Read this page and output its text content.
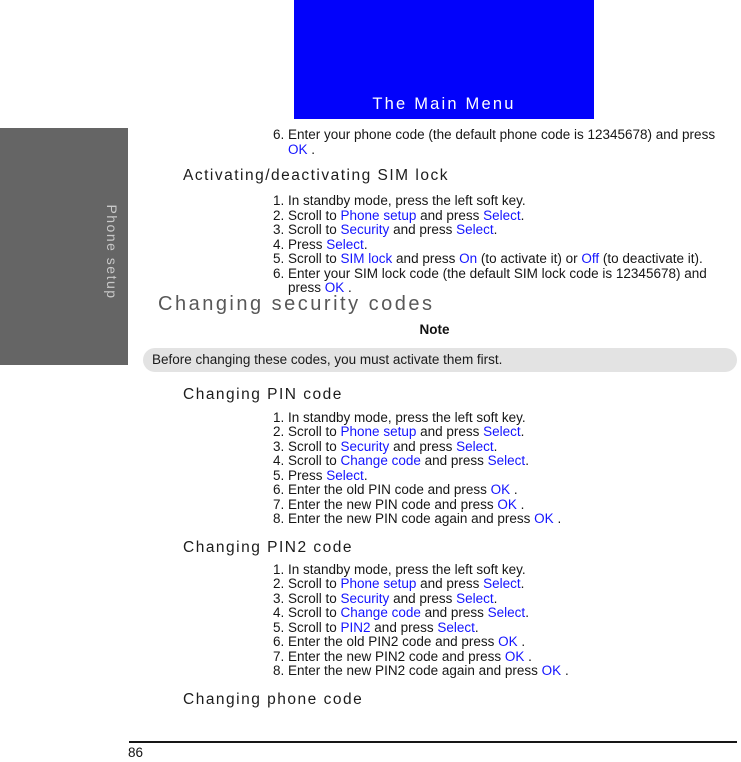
The Main Menu
Phone setup
6. Enter your phone code (the default phone code is 12345678) and press OK .
Activating/deactivating SIM lock
1. In standby mode, press the left soft key.
2. Scroll to Phone setup and press Select.
3. Scroll to Security and press Select.
4. Press Select.
5. Scroll to SIM lock and press On (to activate it) or Off (to deactivate it).
6. Enter your SIM lock code (the default SIM lock code is 12345678) and press OK .
Changing security codes
Note
Before changing these codes, you must activate them first.
Changing PIN code
1. In standby mode, press the left soft key.
2. Scroll to Phone setup and press Select.
3. Scroll to Security and press Select.
4. Scroll to Change code and press Select.
5. Press Select.
6. Enter the old PIN code and press OK .
7. Enter the new PIN code and press OK .
8. Enter the new PIN code again and press OK .
Changing PIN2 code
1. In standby mode, press the left soft key.
2. Scroll to Phone setup and press Select.
3. Scroll to Security and press Select.
4. Scroll to Change code and press Select.
5. Scroll to PIN2 and press Select.
6. Enter the old PIN2 code and press OK .
7. Enter the new PIN2 code and press OK .
8. Enter the new PIN2 code again and press OK .
Changing phone code
86
